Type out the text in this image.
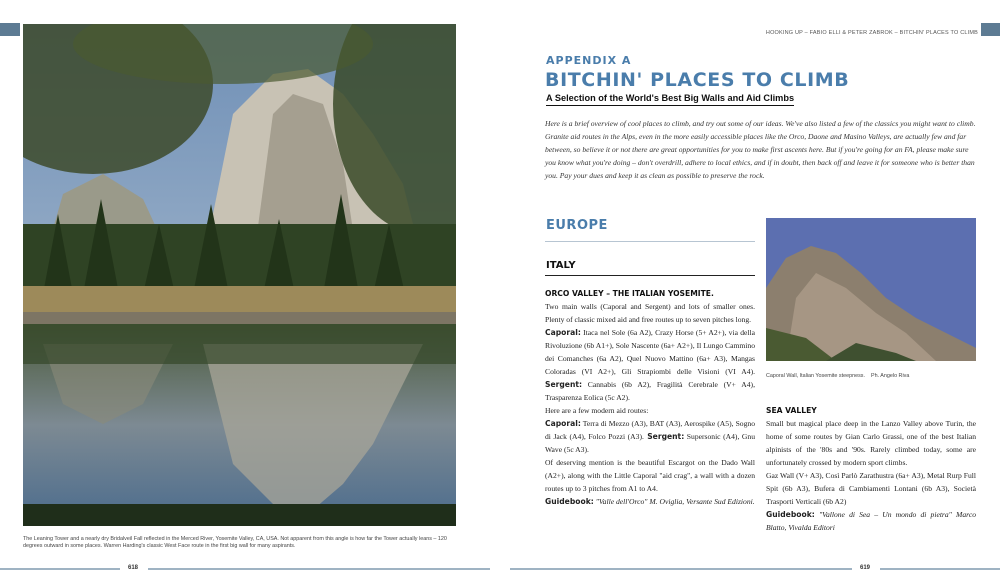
HOOKING UP – FABIO ELLI & PETER ZABROK – BITCHIN' PLACES TO CLIMB
The Leaning Tower and a nearly dry Bridalveil Fall reflected in the Merced River, Yosemite Valley, CA, USA. Not apparent from this angle is how far the Tower actually leans – 120 degrees outward in some places. Warren Harding's classic West Face route in the first big wall for many aspirants.
618	619
APPENDIX A
BITCHIN' PLACES TO CLIMB
A Selection of the World's Best Big Walls and Aid Climbs
Here is a brief overview of cool places to climb, and try out some of our ideas. We've also listed a few of the classics you might want to climb. Granite aid routes in the Alps, even in the more easily accessible places like the Orco, Daone and Masino Valleys, are actually few and far between, so believe it or not there are great opportunities for you to make first ascents here. But if you're going for an FA, please make sure you know what you're doing – don't overdrill, adhere to local ethics, and if in doubt, then back off and leave it for someone who is better than you. Pay your dues and keep it as clean as possible to preserve the rock.
EUROPE
ITALY
ORCO VALLEY – THE ITALIAN YOSEMITE.

Two main walls (Caporal and Sergent) and lots of smaller ones. Plenty of classic mixed aid and free routes up to seven pitches long.

Caporal: Itaca nel Sole (6a A2), Crazy Horse (5+ A2+), via della Rivoluzione (6b A1+), Sole Nascente (6a+ A2+), Il Lungo Cammino dei Comanches (6a A2), Quel Nuovo Mattino (6a+ A3), Mangas Coloradas (VI A2+), Gli Strapiombi delle Visioni (VI A4). Sergent: Cannabis (6b A2), Fragilità Cerebrale (V+ A4), Trasparenza Eolica (5c A2).

Here are a few modern aid routes:

Caporal: Terra di Mezzo (A3), BAT (A3), Aerospike (A5), Sogno di Jack (A4), Folco Pozzi (A3). Sergent: Supersonic (A4), Gnu Wave (5c A3).

Of deserving mention is the beautiful Escargot on the Dado Wall (A2+), along with the Little Caporal "aid crag", a wall with a dozen routes up to 3 pitches from A1 to A4.

Guidebook: "Valle dell'Orco" M. Oviglia, Versante Sud Edizioni.

Caporal Wall, Italian Yosemite steepness. Ph. Angelo Riva
SEA VALLEY

Small but magical place deep in the Lanzo Valley above Turin, the home of some routes by Gian Carlo Grassi, one of the best Italian alpinists of the '80s and '90s. Rarely climbed today, some are unfortunately crossed by modern sport climbs.

Gaz Wall (V+ A3), Così Parlò Zarathustra (6a+ A3), Metal Rurp Full Spit (6b A3), Bufera di Cambiamenti Lontani (6b A3), Società Trasporti Verticali (6b A2)

Guidebook: "Vallone di Sea – Un mondo di pietra" Marco Blatto, Vivalda Editori
